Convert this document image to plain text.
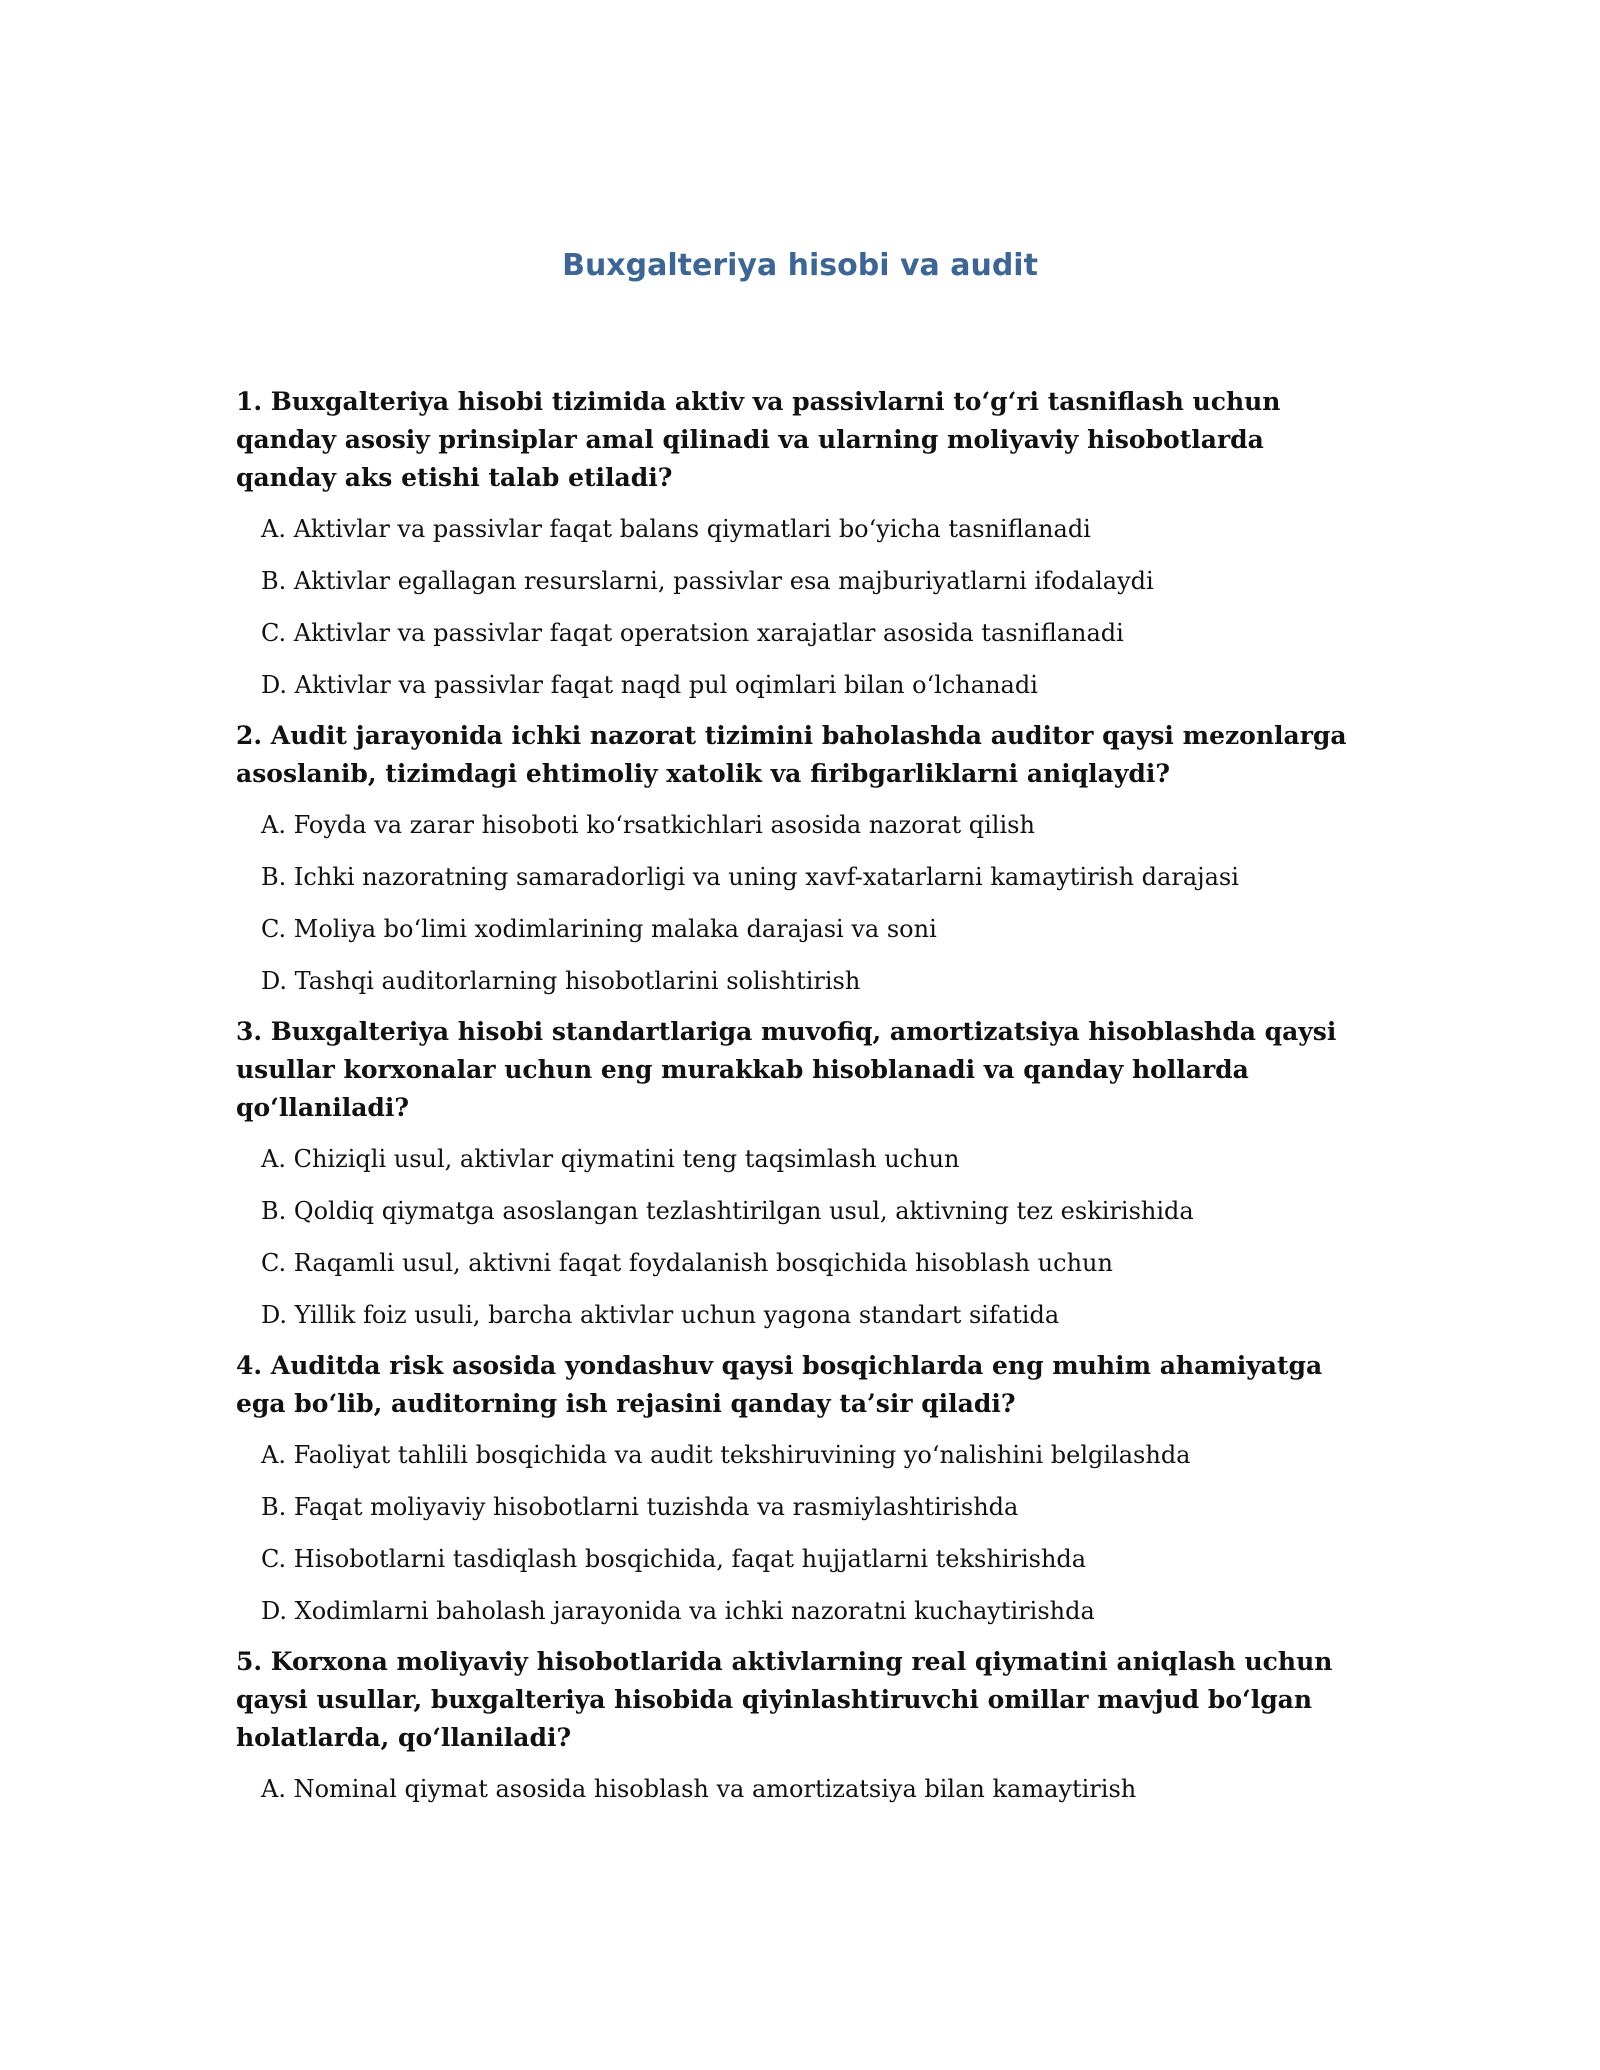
Buxgalteriya hisobi va audit

1. Buxgalteriya hisobi tizimida aktiv va passivlarni to‘g‘ri tasniflash uchun qanday asosiy prinsiplar amal qilinadi va ularning moliyaviy hisobotlarda qanday aks etishi talab etiladi?

A. Aktivlar va passivlar faqat balans qiymatlari bo‘yicha tasniflanadi

B. Aktivlar egallagan resurslarni, passivlar esa majburiyatlarni ifodalaydi

C. Aktivlar va passivlar faqat operatsion xarajatlar asosida tasniflanadi

D. Aktivlar va passivlar faqat naqd pul oqimlari bilan o‘lchanadi

2. Audit jarayonida ichki nazorat tizimini baholashda auditor qaysi mezonlarga asoslanib, tizimdagi ehtimoliy xatolik va firibgarliklarni aniqlaydi?

A. Foyda va zarar hisoboti ko‘rsatkichlari asosida nazorat qilish

B. Ichki nazoratning samaradorligi va uning xavf-xatarlarni kamaytirish darajasi

C. Moliya bo‘limi xodimlarining malaka darajasi va soni

D. Tashqi auditorlarning hisobotlarini solishtirish

3. Buxgalteriya hisobi standartlariga muvofiq, amortizatsiya hisoblashda qaysi usullar korxonalar uchun eng murakkab hisoblanadi va qanday hollarda qo‘llaniladi?

A. Chiziqli usul, aktivlar qiymatini teng taqsimlash uchun

B. Qoldiq qiymatga asoslangan tezlashtirilgan usul, aktivning tez eskirishida

C. Raqamli usul, aktivni faqat foydalanish bosqichida hisoblash uchun

D. Yillik foiz usuli, barcha aktivlar uchun yagona standart sifatida

4. Auditda risk asosida yondashuv qaysi bosqichlarda eng muhim ahamiyatga ega bo‘lib, auditorning ish rejasini qanday ta’sir qiladi?

A. Faoliyat tahlili bosqichida va audit tekshiruvining yo‘nalishini belgilashda

B. Faqat moliyaviy hisobotlarni tuzishda va rasmiylashtirishda

C. Hisobotlarni tasdiqlash bosqichida, faqat hujjatlarni tekshirishda

D. Xodimlarni baholash jarayonida va ichki nazoratni kuchaytirishda

5. Korxona moliyaviy hisobotlarida aktivlarning real qiymatini aniqlash uchun qaysi usullar, buxgalteriya hisobida qiyinlashtiruvchi omillar mavjud bo‘lgan holatlarda, qo‘llaniladi?

A. Nominal qiymat asosida hisoblash va amortizatsiya bilan kamaytirish
